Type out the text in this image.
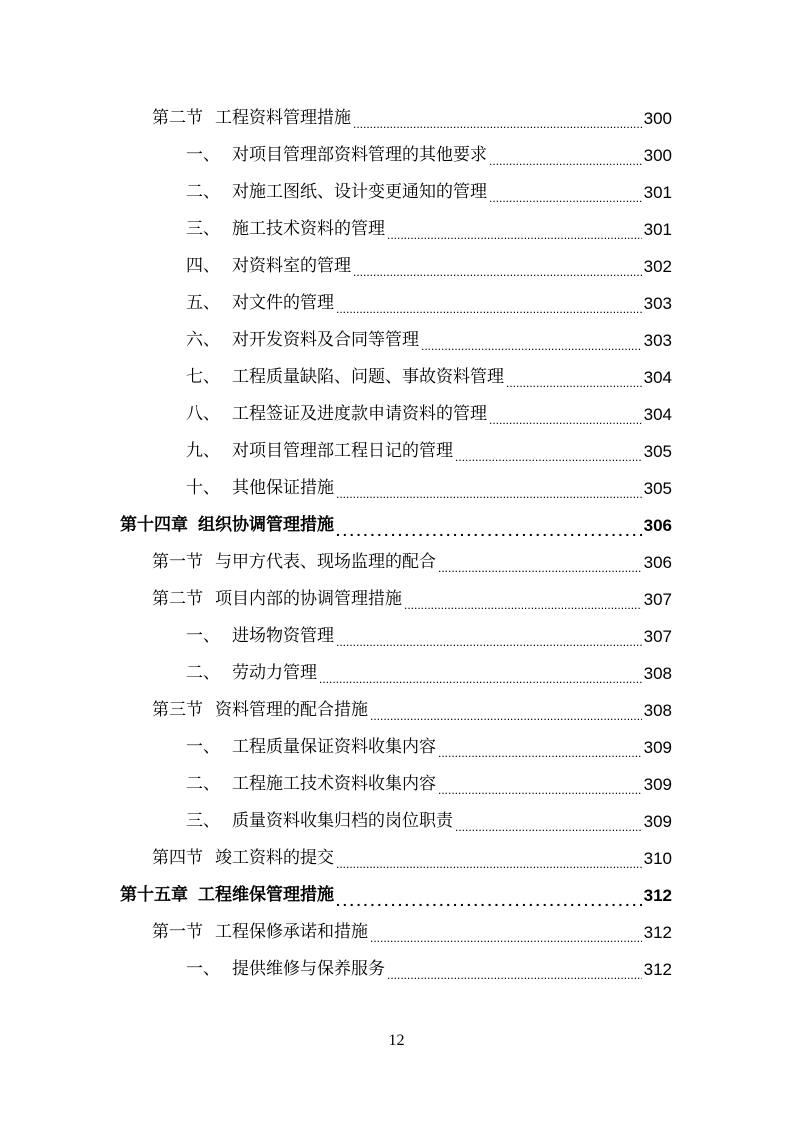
第二节 工程资料管理措施 .....	300
一、 对项目管理部资料管理的其他要求 .....	300
二、 对施工图纸、设计变更通知的管理 .....	301
三、 施工技术资料的管理 .....	301
四、 对资料室的管理 .....	302
五、 对文件的管理 .....	303
六、 对开发资料及合同等管理 .....	303
七、 工程质量缺陷、问题、事故资料管理 .....	304
八、 工程签证及进度款申请资料的管理 .....	304
九、 对项目管理部工程日记的管理 .....	305
十、 其他保证措施 .....	305
第十四章 组织协调管理措施 .....	306
第一节 与甲方代表、现场监理的配合 .....	306
第二节 项目内部的协调管理措施 .....	307
一、 进场物资管理 .....	307
二、 劳动力管理 .....	308
第三节 资料管理的配合措施 .....	308
一、 工程质量保证资料收集内容 .....	309
二、 工程施工技术资料收集内容 .....	309
三、 质量资料收集归档的岗位职责 .....	309
第四节 竣工资料的提交 .....	310
第十五章 工程维保管理措施 .....	312
第一节 工程保修承诺和措施 .....	312
一、 提供维修与保养服务 .....	312
12
